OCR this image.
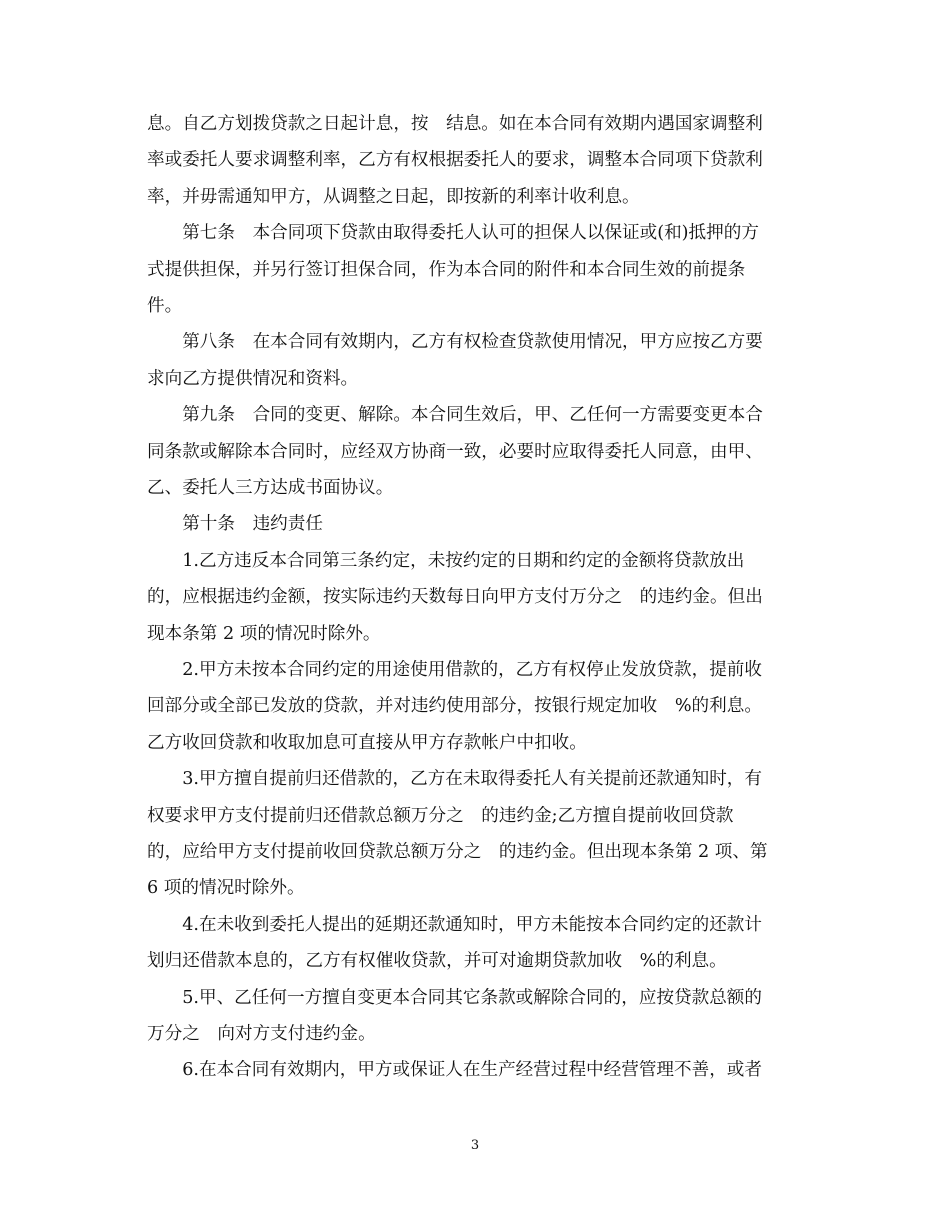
息。自乙方划拨贷款之日起计息，按　结息。如在本合同有效期内遇国家调整利
率或委托人要求调整利率，乙方有权根据委托人的要求，调整本合同项下贷款利
率，并毋需通知甲方，从调整之日起，即按新的利率计收利息。
　　第七条　本合同项下贷款由取得委托人认可的担保人以保证或(和)抵押的方
式提供担保，并另行签订担保合同，作为本合同的附件和本合同生效的前提条
件。
　　第八条　在本合同有效期内，乙方有权检查贷款使用情况，甲方应按乙方要
求向乙方提供情况和资料。
　　第九条　合同的变更、解除。本合同生效后，甲、乙任何一方需要变更本合
同条款或解除本合同时，应经双方协商一致，必要时应取得委托人同意，由甲、
乙、委托人三方达成书面协议。
　　第十条　违约责任
　　1.乙方违反本合同第三条约定，未按约定的日期和约定的金额将贷款放出
的，应根据违约金额，按实际违约天数每日向甲方支付万分之　的违约金。但出
现本条第 2 项的情况时除外。
　　2.甲方未按本合同约定的用途使用借款的，乙方有权停止发放贷款，提前收
回部分或全部已发放的贷款，并对违约使用部分，按银行规定加收　%的利息。
乙方收回贷款和收取加息可直接从甲方存款帐户中扣收。
　　3.甲方擅自提前归还借款的，乙方在未取得委托人有关提前还款通知时，有
权要求甲方支付提前归还借款总额万分之　的违约金;乙方擅自提前收回贷款
的，应给甲方支付提前收回贷款总额万分之　的违约金。但出现本条第 2 项、第
6 项的情况时除外。
　　4.在未收到委托人提出的延期还款通知时，甲方未能按本合同约定的还款计
划归还借款本息的，乙方有权催收贷款，并可对逾期贷款加收　%的利息。
　　5.甲、乙任何一方擅自变更本合同其它条款或解除合同的，应按贷款总额的
万分之　向对方支付违约金。
　　6.在本合同有效期内，甲方或保证人在生产经营过程中经营管理不善，或者
3
